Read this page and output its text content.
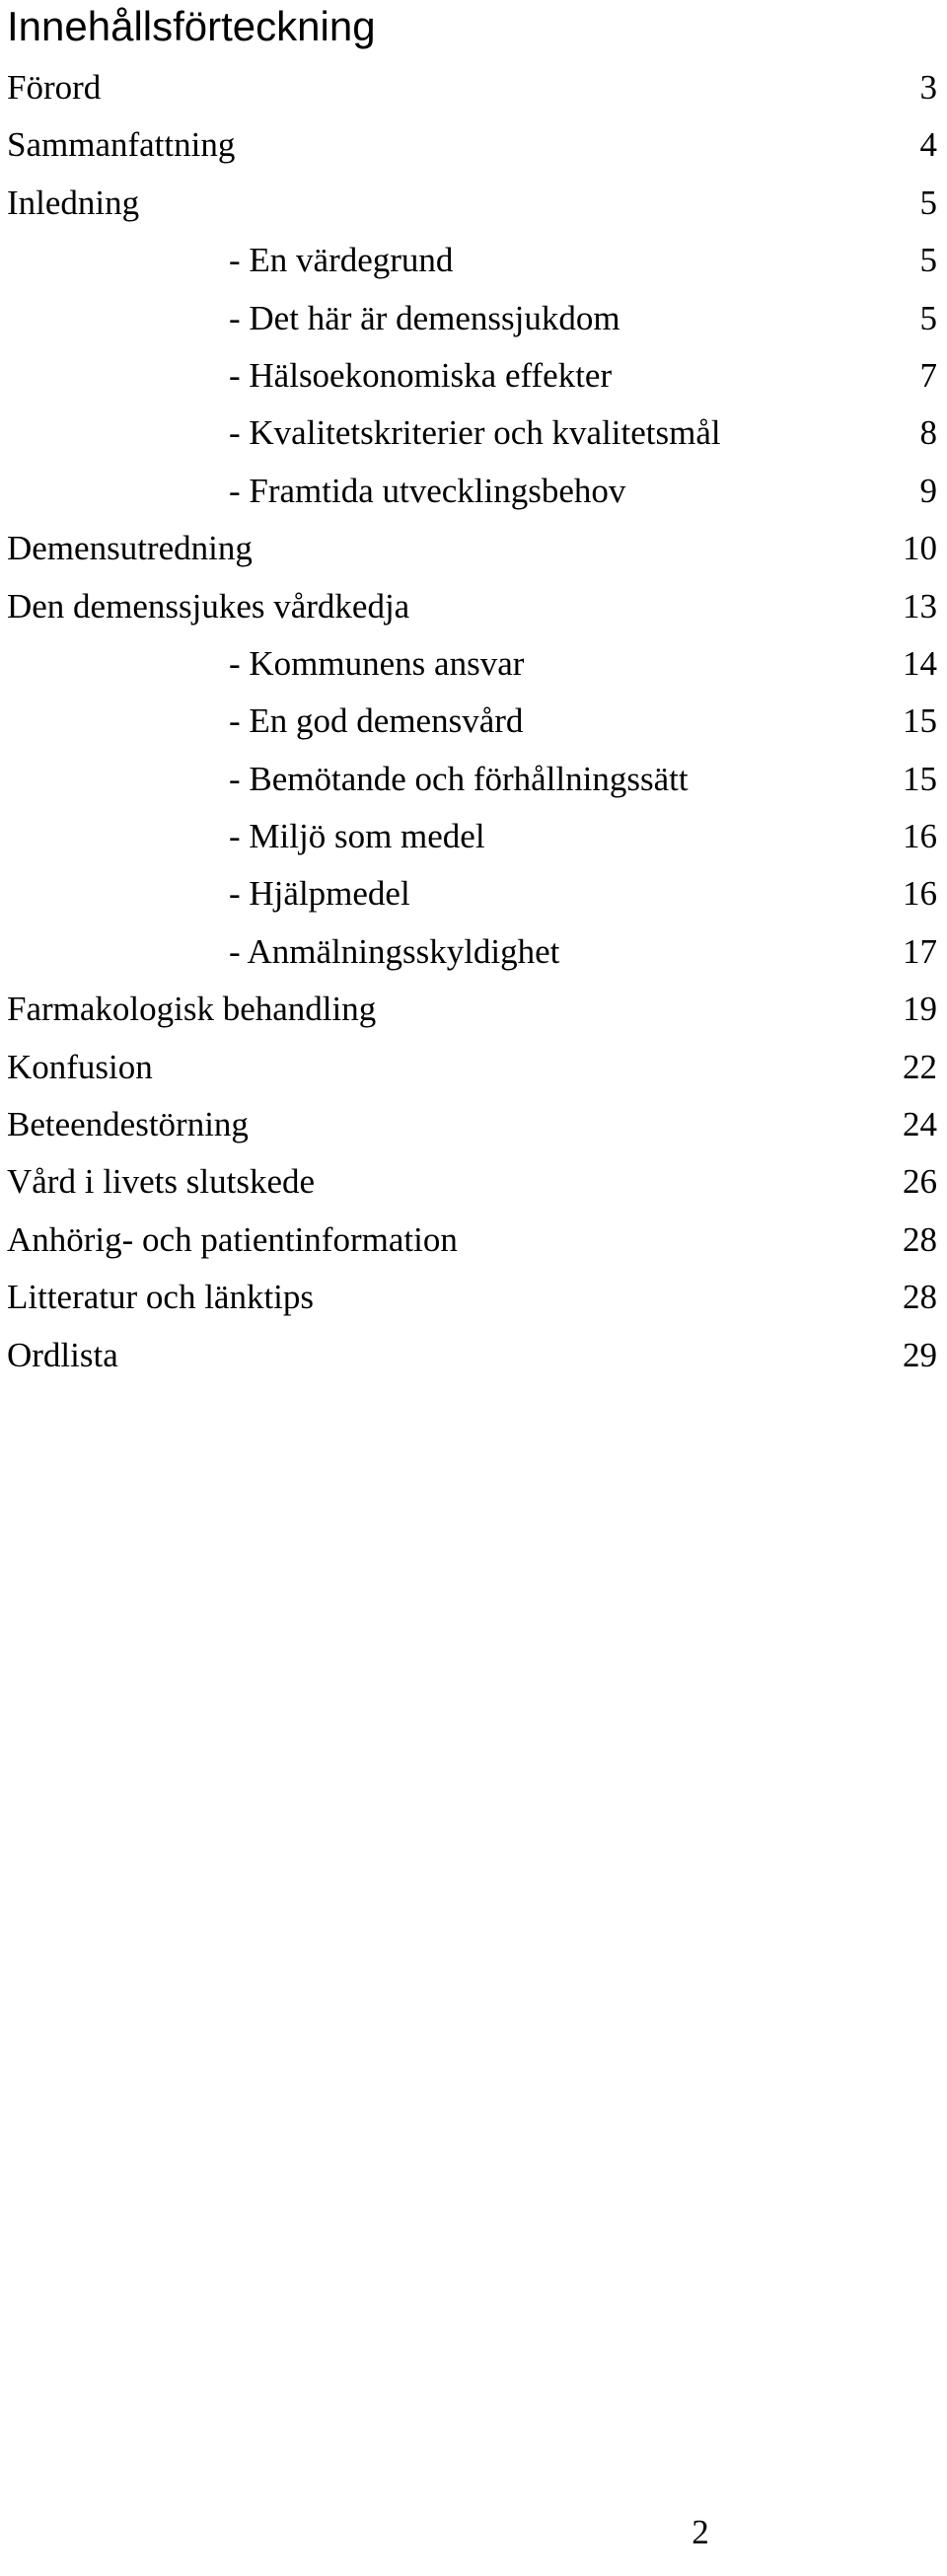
Innehållsförteckning
Förord	3
Sammanfattning	4
Inledning	5
- En värdegrund	5
- Det här är demenssjukdom	5
- Hälsoekonomiska effekter	7
- Kvalitetskriterier och kvalitetsmål	8
- Framtida utvecklingsbehov	9
Demensutredning	10
Den demenssjukes vårdkedja	13
- Kommunens ansvar	14
- En god demensvård	15
- Bemötande och förhållningssätt	15
- Miljö som medel	16
- Hjälpmedel	16
- Anmälningsskyldighet	17
Farmakologisk behandling	19
Konfusion	22
Beteendestörning	24
Vård i livets slutskede	26
Anhörig- och patientinformation	28
Litteratur och länktips	28
Ordlista	29
2
